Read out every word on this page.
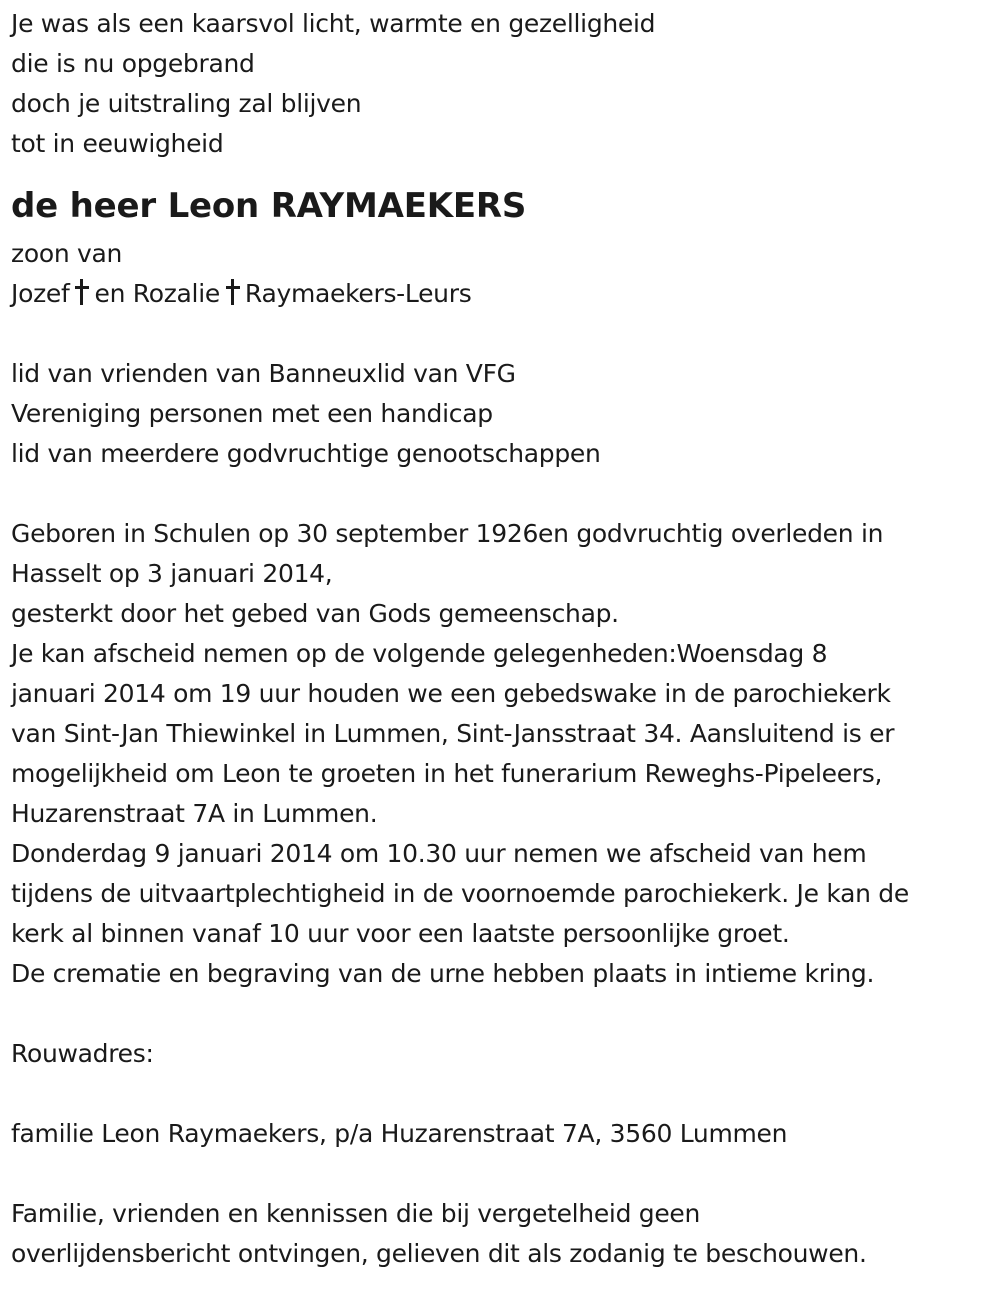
Je was als een kaarsvol licht, warmte en gezelligheid
die is nu opgebrand
doch je uitstraling zal blijven
tot in eeuwigheid
de heer Leon RAYMAEKERS
zoon van
Jozef en Rozalie Raymaekers-Leurs
lid van vrienden van Banneuxlid van VFG
Vereniging personen met een handicap
lid van meerdere godvruchtige genootschappen
Geboren in Schulen op 30 september 1926en godvruchtig overleden in
Hasselt op 3 januari 2014,
gesterkt door het gebed van Gods gemeenschap.
Je kan afscheid nemen op de volgende gelegenheden:Woensdag 8
januari 2014 om 19 uur houden we een gebedswake in de parochiekerk
van Sint-Jan Thiewinkel in Lummen, Sint-Jansstraat 34. Aansluitend is er
mogelijkheid om Leon te groeten in het funerarium Reweghs-Pipeleers,
Huzarenstraat 7A in Lummen.
Donderdag 9 januari 2014 om 10.30 uur nemen we afscheid van hem
tijdens de uitvaartplechtigheid in de voornoemde parochiekerk. Je kan de
kerk al binnen vanaf 10 uur voor een laatste persoonlijke groet.
De crematie en begraving van de urne hebben plaats in intieme kring.
Rouwadres:
familie Leon Raymaekers, p/a Huzarenstraat 7A, 3560 Lummen
Familie, vrienden en kennissen die bij vergetelheid geen
overlijdensbericht ontvingen, gelieven dit als zodanig te beschouwen.
